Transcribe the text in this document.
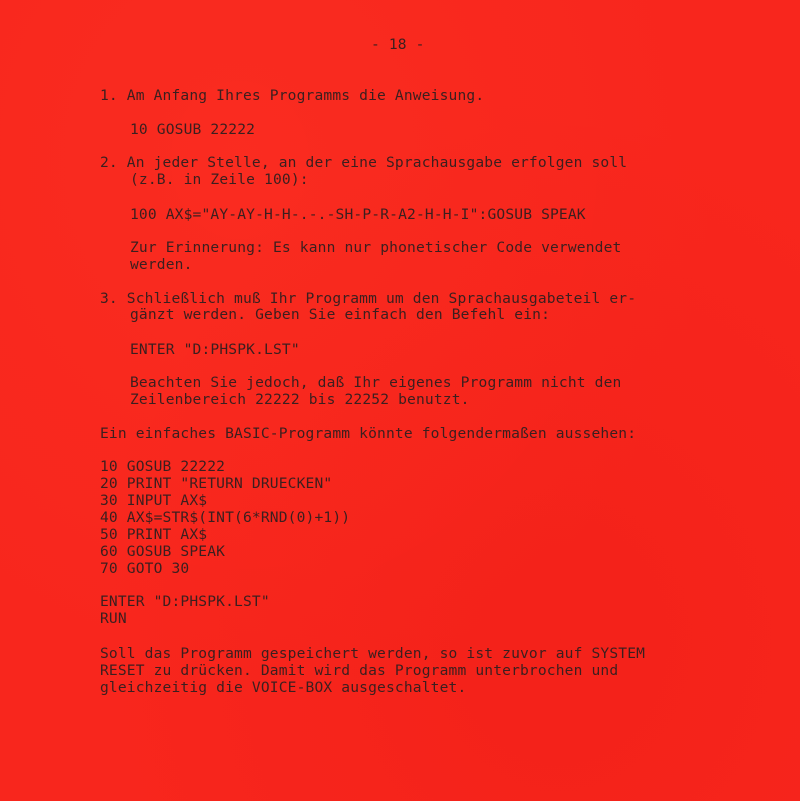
- 18 -
1. Am Anfang Ihres Programms die Anweisung.
10 GOSUB 22222
2. An jeder Stelle, an der eine Sprachausgabe erfolgen soll
(z.B. in Zeile 100):
100 AX$="AY-AY-H-H-.-.-SH-P-R-A2-H-H-I":GOSUB SPEAK
Zur Erinnerung: Es kann nur phonetischer Code verwendet
werden.
3. Schließlich muß Ihr Programm um den Sprachausgabeteil er-
gänzt werden. Geben Sie einfach den Befehl ein:
ENTER "D:PHSPK.LST"
Beachten Sie jedoch, daß Ihr eigenes Programm nicht den
Zeilenbereich 22222 bis 22252 benutzt.
Ein einfaches BASIC-Programm könnte folgendermaßen aussehen:
10 GOSUB 22222
20 PRINT "RETURN DRUECKEN"
30 INPUT AX$
40 AX$=STR$(INT(6*RND(0)+1))
50 PRINT AX$
60 GOSUB SPEAK
70 GOTO 30
ENTER "D:PHSPK.LST"
RUN
Soll das Programm gespeichert werden, so ist zuvor auf SYSTEM
RESET zu drücken. Damit wird das Programm unterbrochen und
gleichzeitig die VOICE-BOX ausgeschaltet.
